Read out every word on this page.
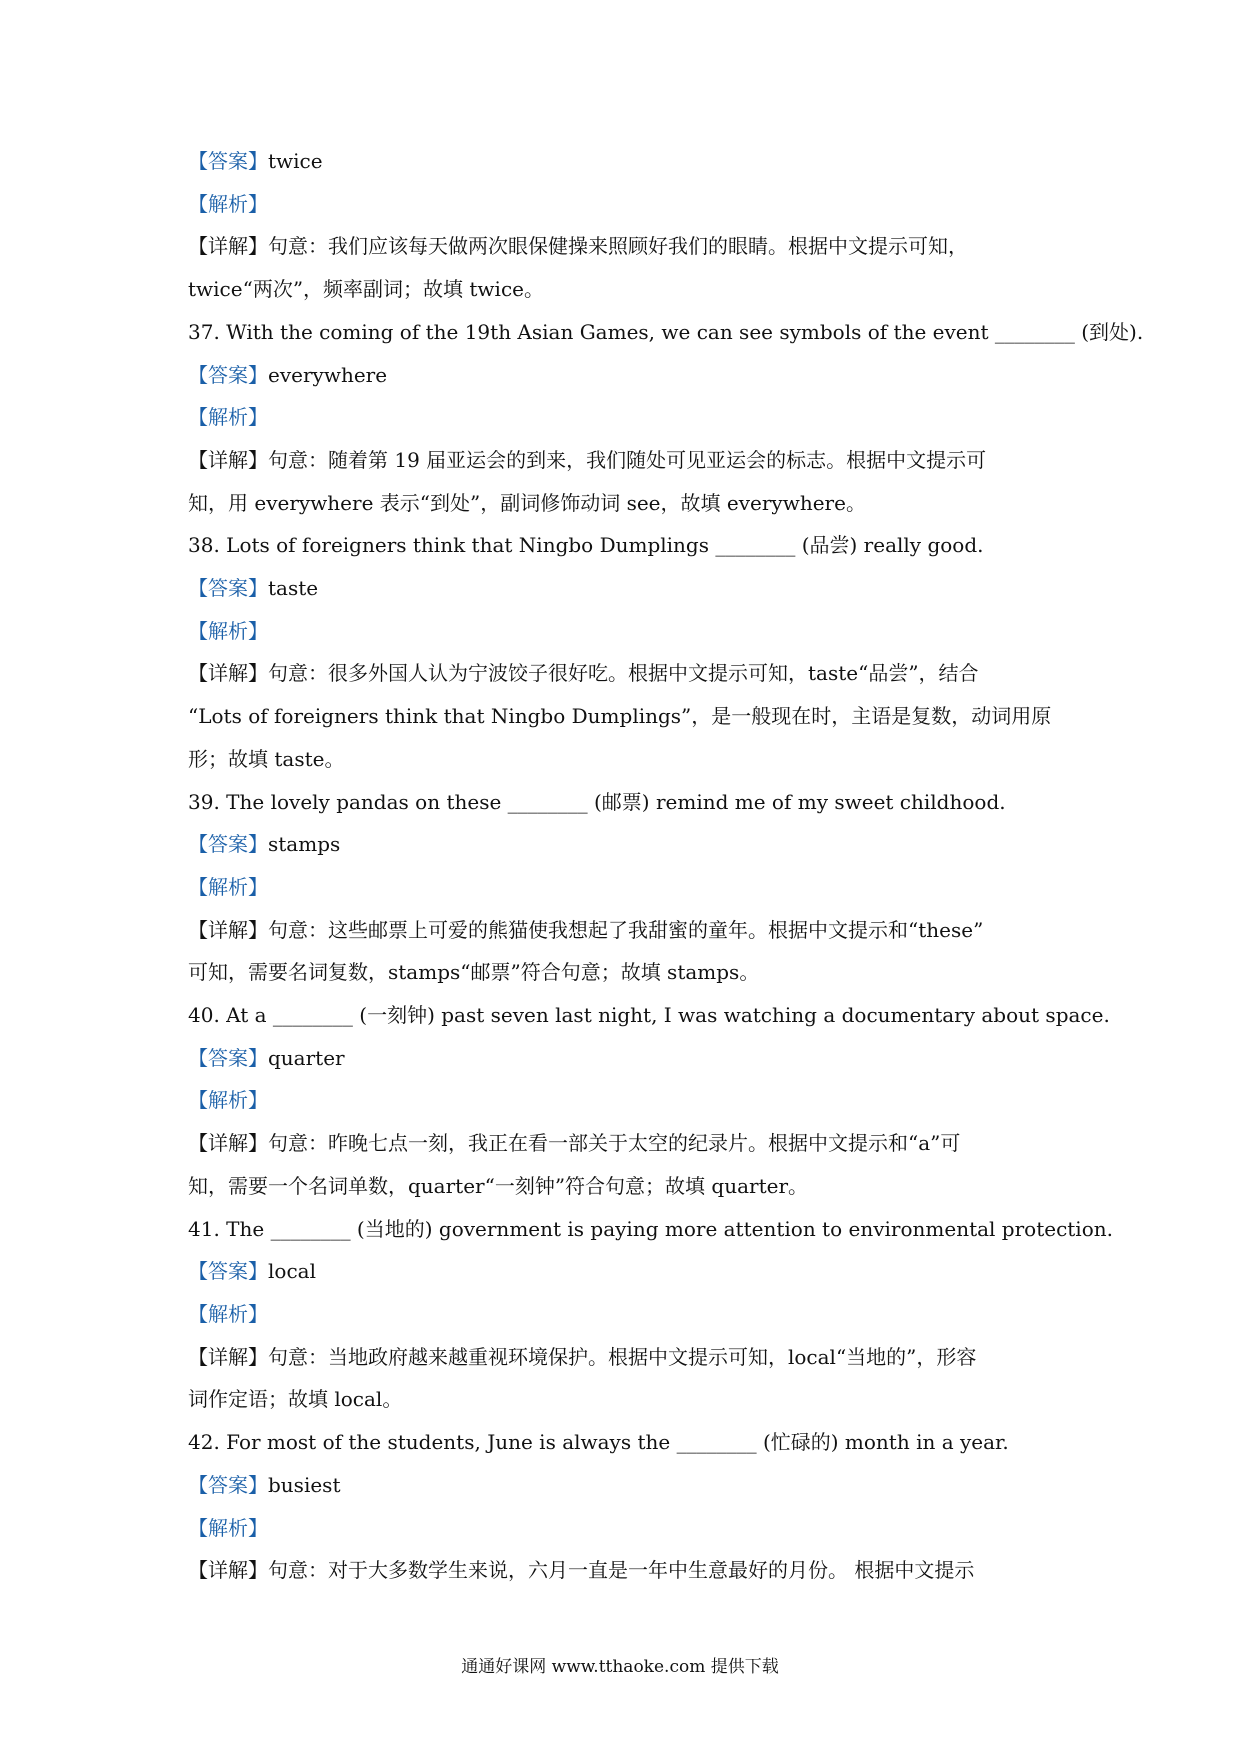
【答案】twice
【解析】
【详解】句意：我们应该每天做两次眼保健操来照顾好我们的眼睛。根据中文提示可知，
twice“两次”，频率副词；故填 twice。
37. With the coming of the 19th Asian Games, we can see symbols of the event ________ (到处).
【答案】everywhere
【解析】
【详解】句意：随着第 19 届亚运会的到来，我们随处可见亚运会的标志。根据中文提示可
知，用 everywhere 表示“到处”，副词修饰动词 see，故填 everywhere。
38. Lots of foreigners think that Ningbo Dumplings ________ (品尝) really good.
【答案】taste
【解析】
【详解】句意：很多外国人认为宁波饺子很好吃。根据中文提示可知，taste“品尝”，结合
“Lots of foreigners think that Ningbo Dumplings”，是一般现在时，主语是复数，动词用原
形；故填 taste。
39. The lovely pandas on these ________ (邮票) remind me of my sweet childhood.
【答案】stamps
【解析】
【详解】句意：这些邮票上可爱的熊猫使我想起了我甜蜜的童年。根据中文提示和“these”
可知，需要名词复数，stamps“邮票”符合句意；故填 stamps。
40. At a ________ (一刻钟) past seven last night, I was watching a documentary about space.
【答案】quarter
【解析】
【详解】句意：昨晚七点一刻，我正在看一部关于太空的纪录片。根据中文提示和“a”可
知，需要一个名词单数，quarter“一刻钟”符合句意；故填 quarter。
41. The ________ (当地的) government is paying more attention to environmental protection.
【答案】local
【解析】
【详解】句意：当地政府越来越重视环境保护。根据中文提示可知，local“当地的”，形容
词作定语；故填 local。
42. For most of the students, June is always the ________ (忙碌的) month in a year.
【答案】busiest
【解析】
【详解】句意：对于大多数学生来说，六月一直是一年中生意最好的月份。 根据中文提示
通通好课网 www.tthaoke.com 提供下载
